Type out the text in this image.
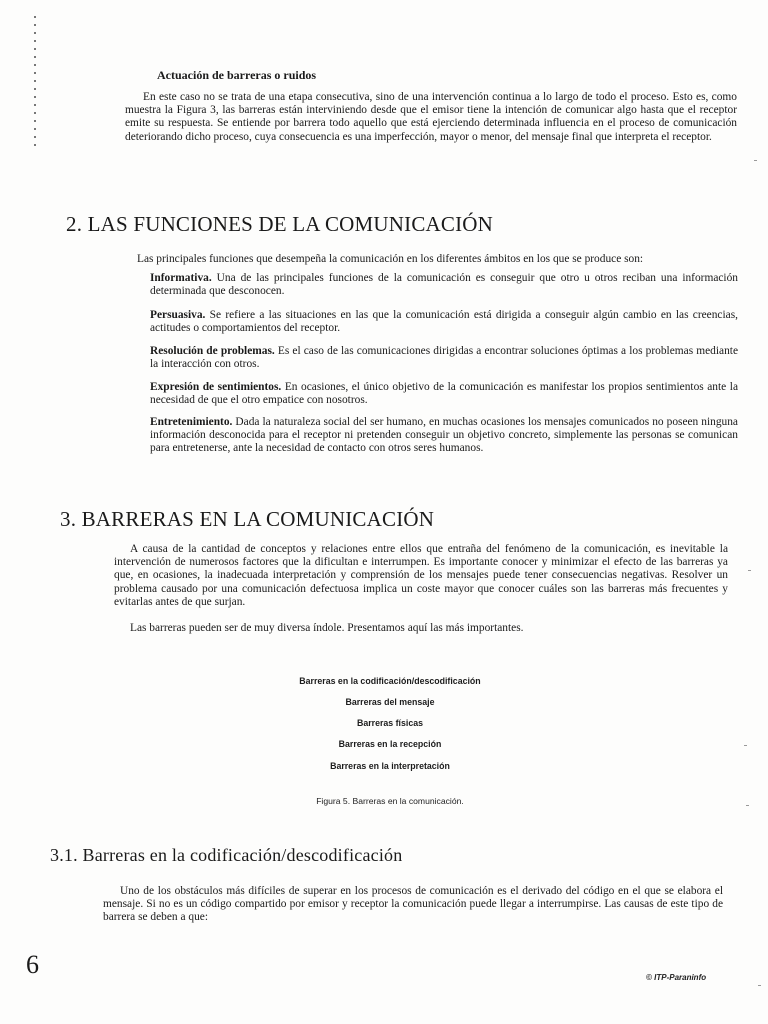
Actuación de barreras o ruidos
En este caso no se trata de una etapa consecutiva, sino de una intervención continua a lo largo de todo el proceso. Esto es, como muestra la Figura 3, las barreras están interviniendo desde que el emisor tiene la intención de comunicar algo hasta que el receptor emite su respuesta. Se entiende por barrera todo aquello que está ejerciendo determinada influencia en el proceso de comunicación deteriorando dicho proceso, cuya consecuencia es una imperfección, mayor o menor, del mensaje final que interpreta el receptor.
2. LAS FUNCIONES DE LA COMUNICACIÓN
Las principales funciones que desempeña la comunicación en los diferentes ámbitos en los que se produce son:
Informativa. Una de las principales funciones de la comunicación es conseguir que otro u otros reciban una información determinada que desconocen.
Persuasiva. Se refiere a las situaciones en las que la comunicación está dirigida a conseguir algún cambio en las creencias, actitudes o comportamientos del receptor.
Resolución de problemas. Es el caso de las comunicaciones dirigidas a encontrar soluciones óptimas a los problemas mediante la interacción con otros.
Expresión de sentimientos. En ocasiones, el único objetivo de la comunicación es manifestar los propios sentimientos ante la necesidad de que el otro empatice con nosotros.
Entretenimiento. Dada la naturaleza social del ser humano, en muchas ocasiones los mensajes comunicados no poseen ninguna información desconocida para el receptor ni pretenden conseguir un objetivo concreto, simplemente las personas se comunican para entretenerse, ante la necesidad de contacto con otros seres humanos.
3. BARRERAS EN LA COMUNICACIÓN
A causa de la cantidad de conceptos y relaciones entre ellos que entraña del fenómeno de la comunicación, es inevitable la intervención de numerosos factores que la dificultan e interrumpen. Es importante conocer y minimizar el efecto de las barreras ya que, en ocasiones, la inadecuada interpretación y comprensión de los mensajes puede tener consecuencias negativas. Resolver un problema causado por una comunicación defectuosa implica un coste mayor que conocer cuáles son las barreras más frecuentes y evitarlas antes de que surjan.
Las barreras pueden ser de muy diversa índole. Presentamos aquí las más importantes.
Barreras en la codificación/descodificación
Barreras del mensaje
Barreras físicas
Barreras en la recepción
Barreras en la interpretación
Figura 5. Barreras en la comunicación.
3.1. Barreras en la codificación/descodificación
Uno de los obstáculos más difíciles de superar en los procesos de comunicación es el derivado del código en el que se elabora el mensaje. Si no es un código compartido por emisor y receptor la comunicación puede llegar a interrumpirse. Las causas de este tipo de barrera se deben a que:
6	© ITP-Paraninfo
